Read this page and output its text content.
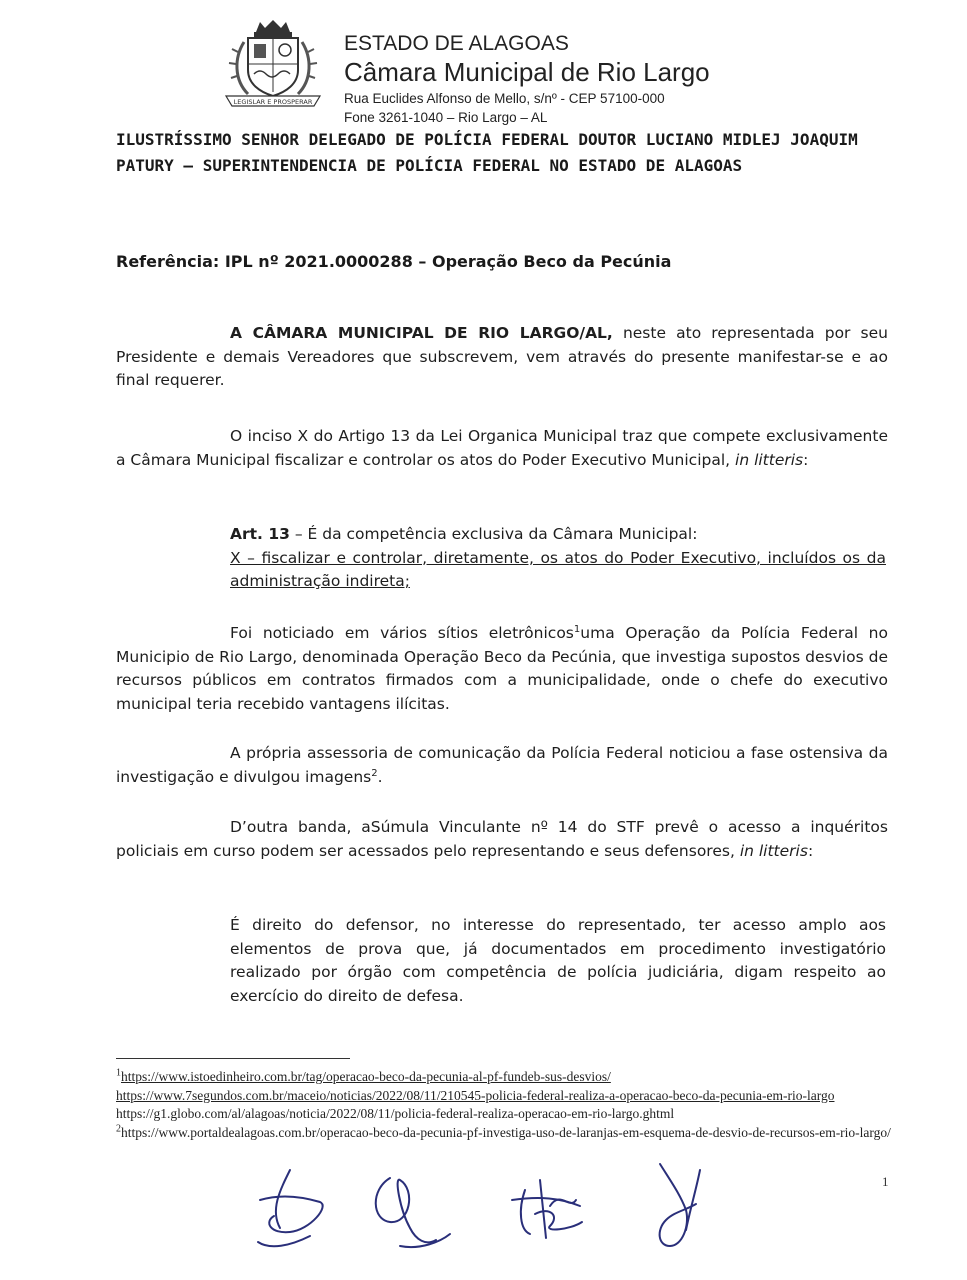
LEGISLAR E PROSPERAR
ESTADO DE ALAGOAS
Câmara Municipal de Rio Largo
Rua Euclides Alfonso de Mello, s/nº - CEP 57100-000
Fone 3261-1040 – Rio Largo – AL
ILUSTRÍSSIMO SENHOR DELEGADO DE POLÍCIA FEDERAL DOUTOR LUCIANO MIDLEJ JOAQUIM PATURY – SUPERINTENDENCIA DE POLÍCIA FEDERAL NO ESTADO DE ALAGOAS
Referência: IPL nº 2021.0000288 – Operação Beco da Pecúnia
A CÂMARA MUNICIPAL DE RIO LARGO/AL, neste ato representada por seu Presidente e demais Vereadores que subscrevem, vem através do presente manifestar-se e ao final requerer.
O inciso X do Artigo 13 da Lei Organica Municipal traz que compete exclusivamente a Câmara Municipal fiscalizar e controlar os atos do Poder Executivo Municipal, in litteris:
Art. 13 – É da competência exclusiva da Câmara Municipal:
X – fiscalizar e controlar, diretamente, os atos do Poder Executivo, incluídos os da administração indireta;
Foi noticiado em vários sítios eletrônicos$^1$uma Operação da Polícia Federal no Municipio de Rio Largo, denominada Operação Beco da Pecúnia, que investiga supostos desvios de recursos públicos em contratos firmados com a municipalidade, onde o chefe do executivo municipal teria recebido vantagens ilícitas.
A própria assessoria de comunicação da Polícia Federal noticiou a fase ostensiva da investigação e divulgou imagens$^2$.
D’outra banda, aSúmula Vinculante nº 14 do STF prevê o acesso a inquéritos policiais em curso podem ser acessados pelo representando e seus defensores, in litteris:
É direito do defensor, no interesse do representado, ter acesso amplo aos elementos de prova que, já documentados em procedimento investigatório realizado por órgão com competência de polícia judiciária, digam respeito ao exercício do direito de defesa.
$^1$https://www.istoedinheiro.com.br/tag/operacao-beco-da-pecunia-al-pf-fundeb-sus-desvios/
https://www.7segundos.com.br/maceio/noticias/2022/08/11/210545-policia-federal-realiza-a-operacao-beco-da-pecunia-em-rio-largo
https://g1.globo.com/al/alagoas/noticia/2022/08/11/policia-federal-realiza-operacao-em-rio-largo.ghtml
$^2$https://www.portaldealagoas.com.br/operacao-beco-da-pecunia-pf-investiga-uso-de-laranjas-em-esquema-de-desvio-de-recursos-em-rio-largo/
1
